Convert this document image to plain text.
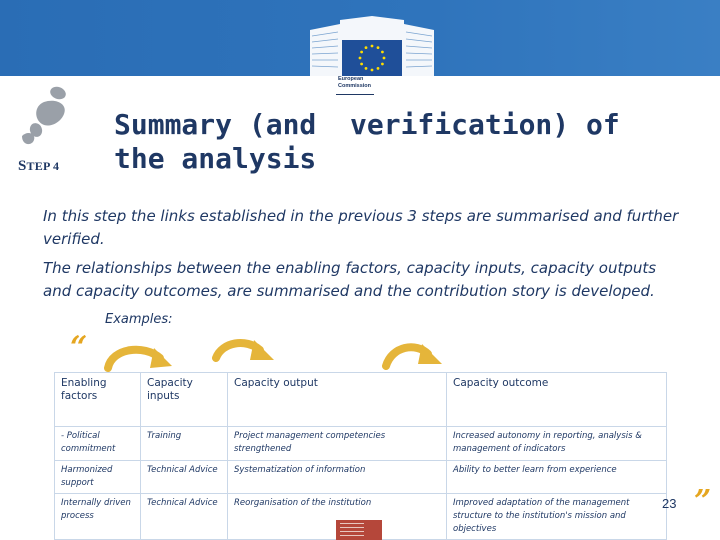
European
Commission
STEP 4
Summary (and  verification) of
the analysis
In this step the links established in the previous 3 steps are summarised and further verified.
The relationships between the enabling factors, capacity inputs, capacity outputs and capacity outcomes, are summarised and the contribution story is developed.
Examples:
“
”
Enabling factors	Capacity inputs	Capacity output	Capacity outcome
- Political commitment	Training	Project management competencies strengthened	Increased autonomy in reporting, analysis & management of indicators
Harmonized support	Technical Advice	Systematization of information	Ability to better learn from experience
Internally driven process	Technical Advice	Reorganisation of the institution	Improved adaptation of the management structure to the institution's mission and objectives
23
